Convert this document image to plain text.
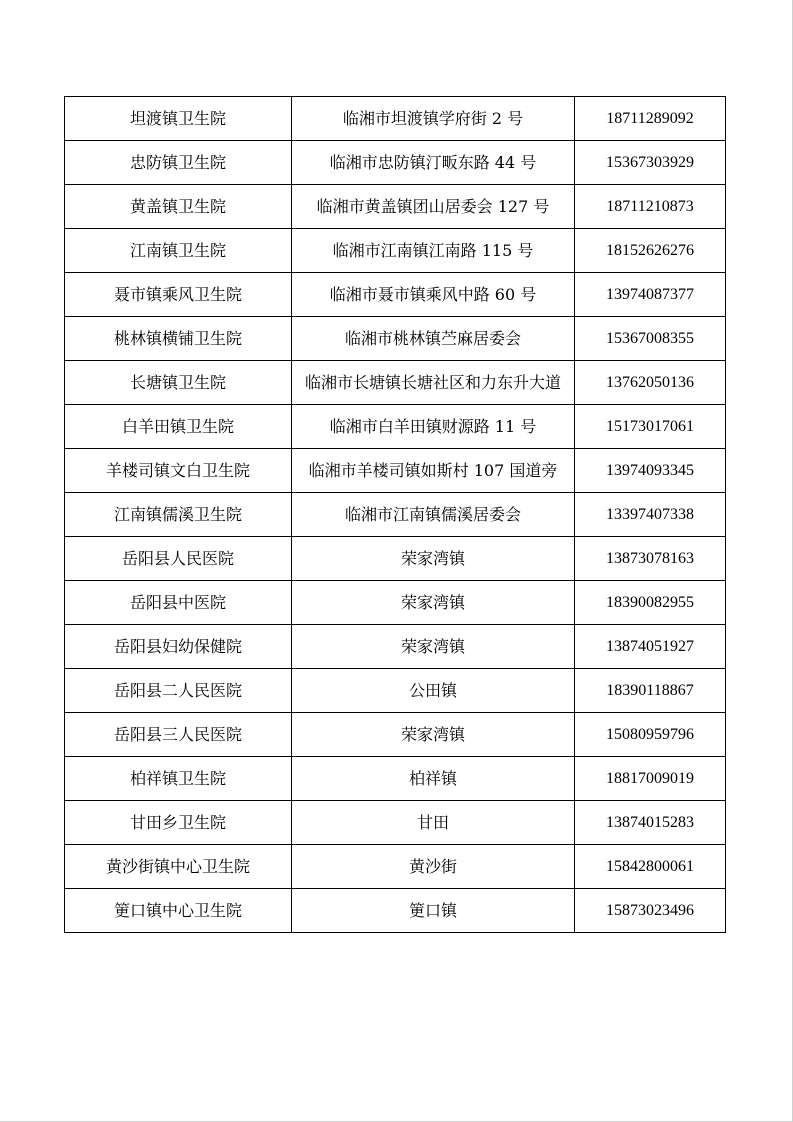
坦渡镇卫生院	临湘市坦渡镇学府街 2 号	18711289092
忠防镇卫生院	临湘市忠防镇汀畈东路 44 号	15367303929
黄盖镇卫生院	临湘市黄盖镇团山居委会 127 号	18711210873
江南镇卫生院	临湘市江南镇江南路 115 号	18152626276
聂市镇乘风卫生院	临湘市聂市镇乘风中路 60 号	13974087377
桃林镇横铺卫生院	临湘市桃林镇苎麻居委会	15367008355
长塘镇卫生院	临湘市长塘镇长塘社区和力东升大道	13762050136
白羊田镇卫生院	临湘市白羊田镇财源路 11 号	15173017061
羊楼司镇文白卫生院	临湘市羊楼司镇如斯村 107 国道旁	13974093345
江南镇儒溪卫生院	临湘市江南镇儒溪居委会	13397407338
岳阳县人民医院	荣家湾镇	13873078163
岳阳县中医院	荣家湾镇	18390082955
岳阳县妇幼保健院	荣家湾镇	13874051927
岳阳县二人民医院	公田镇	18390118867
岳阳县三人民医院	荣家湾镇	15080959796
柏祥镇卫生院	柏祥镇	18817009019
甘田乡卫生院	甘田	13874015283
黄沙街镇中心卫生院	黄沙街	15842800061
筻口镇中心卫生院	筻口镇	15873023496
